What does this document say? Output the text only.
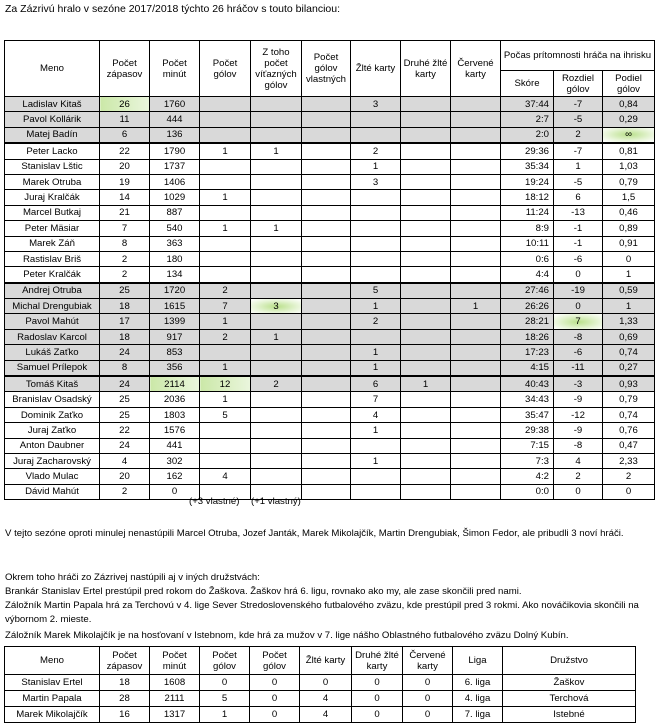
Za Zázrivú hralo v sezóne 2017/2018 týchto 26 hráčov s touto bilanciou:
Meno	Počet zápasov	Počet minút	Počet gólov	Z toho počet víťazných gólov	Počet gólov vlastných	Žlté karty	Druhé žlté karty	Červené karty	Počas prítomnosti hráča na ihrisku		
									Skóre	Rozdiel gólov	Podiel gólov
Ladislav Kitaš	26	1760				3			37:44	-7	0,84
Pavol Kollárik	11	444							2:7	-5	0,29
Matej Badín	6	136							2:0	2	∞
Peter Lacko	22	1790	1	1		2			29:36	-7	0,81
Stanislav Lštic	20	1737				1			35:34	1	1,03
Marek Otruba	19	1406				3			19:24	-5	0,79
Juraj Kralčák	14	1029	1						18:12	6	1,5
Marcel Butkaj	21	887							11:24	-13	0,46
Peter Mäsiar	7	540	1	1					8:9	-1	0,89
Marek Záň	8	363							10:11	-1	0,91
Rastislav Briš	2	180							0:6	-6	0
Peter Kralčák	2	134							4:4	0	1
Andrej Otruba	25	1720	2			5			27:46	-19	0,59
Michal Drengubiak	18	1615	7	3		1		1	26:26	0	1
Pavol Mahút	17	1399	1			2			28:21	7	1,33
Radoslav Karcol	18	917	2	1					18:26	-8	0,69
Lukáš Zaťko	24	853				1			17:23	-6	0,74
Samuel Prílepok	8	356	1			1			4:15	-11	0,27
Tomáš Kitaš	24	2114	12	2		6	1		40:43	-3	0,93
Branislav Osadský	25	2036	1			7			34:43	-9	0,79
Dominik Zaťko	25	1803	5			4			35:47	-12	0,74
Juraj Zaťko	22	1576				1			29:38	-9	0,76
Anton Daubner	24	441							7:15	-8	0,47
Juraj Zacharovský	4	302				1			7:3	4	2,33
Vlado Mulac	20	162	4						4:2	2	2
Dávid Mahút	2	0							0:0	0	0
(+3 vlastné) (+1 vlastný)
V tejto sezóne oproti minulej nenastúpili Marcel Otruba, Jozef Janták, Marek Mikolajčík, Martin Drengubiak, Šimon Fedor, ale pribudli 3 noví hráči.
Okrem toho hráči zo Zázrivej nastúpili aj v iných družstvách:
Brankár Stanislav Ertel prestúpil pred rokom do Žaškova. Žaškov hrá 6. ligu, rovnako ako my, ale zase skončili pred nami.
Záložník Martin Papala hrá za Terchovú v 4. lige Sever Stredoslovenského futbalového zväzu, kde prestúpil pred 3 rokmi. Ako nováčikovia skončili na výbornom 2. mieste.
Záložník Marek Mikolajčík je na hosťovaní v Istebnom, kde hrá za mužov v 7. lige nášho Oblastného futbalového zväzu Dolný Kubín.
Meno	Počet zápasov	Počet minút	Počet gólov	Počet gólov	Žlté karty	Druhé žlté karty	Červené karty	Liga	Družstvo
Stanislav Ertel	18	1608	0	0	0	0	0	6. liga	Žaškov
Martin Papala	28	2111	5	0	4	0	0	4. liga	Terchová
Marek Mikolajčík	16	1317	1	0	4	0	0	7. liga	Istebné
